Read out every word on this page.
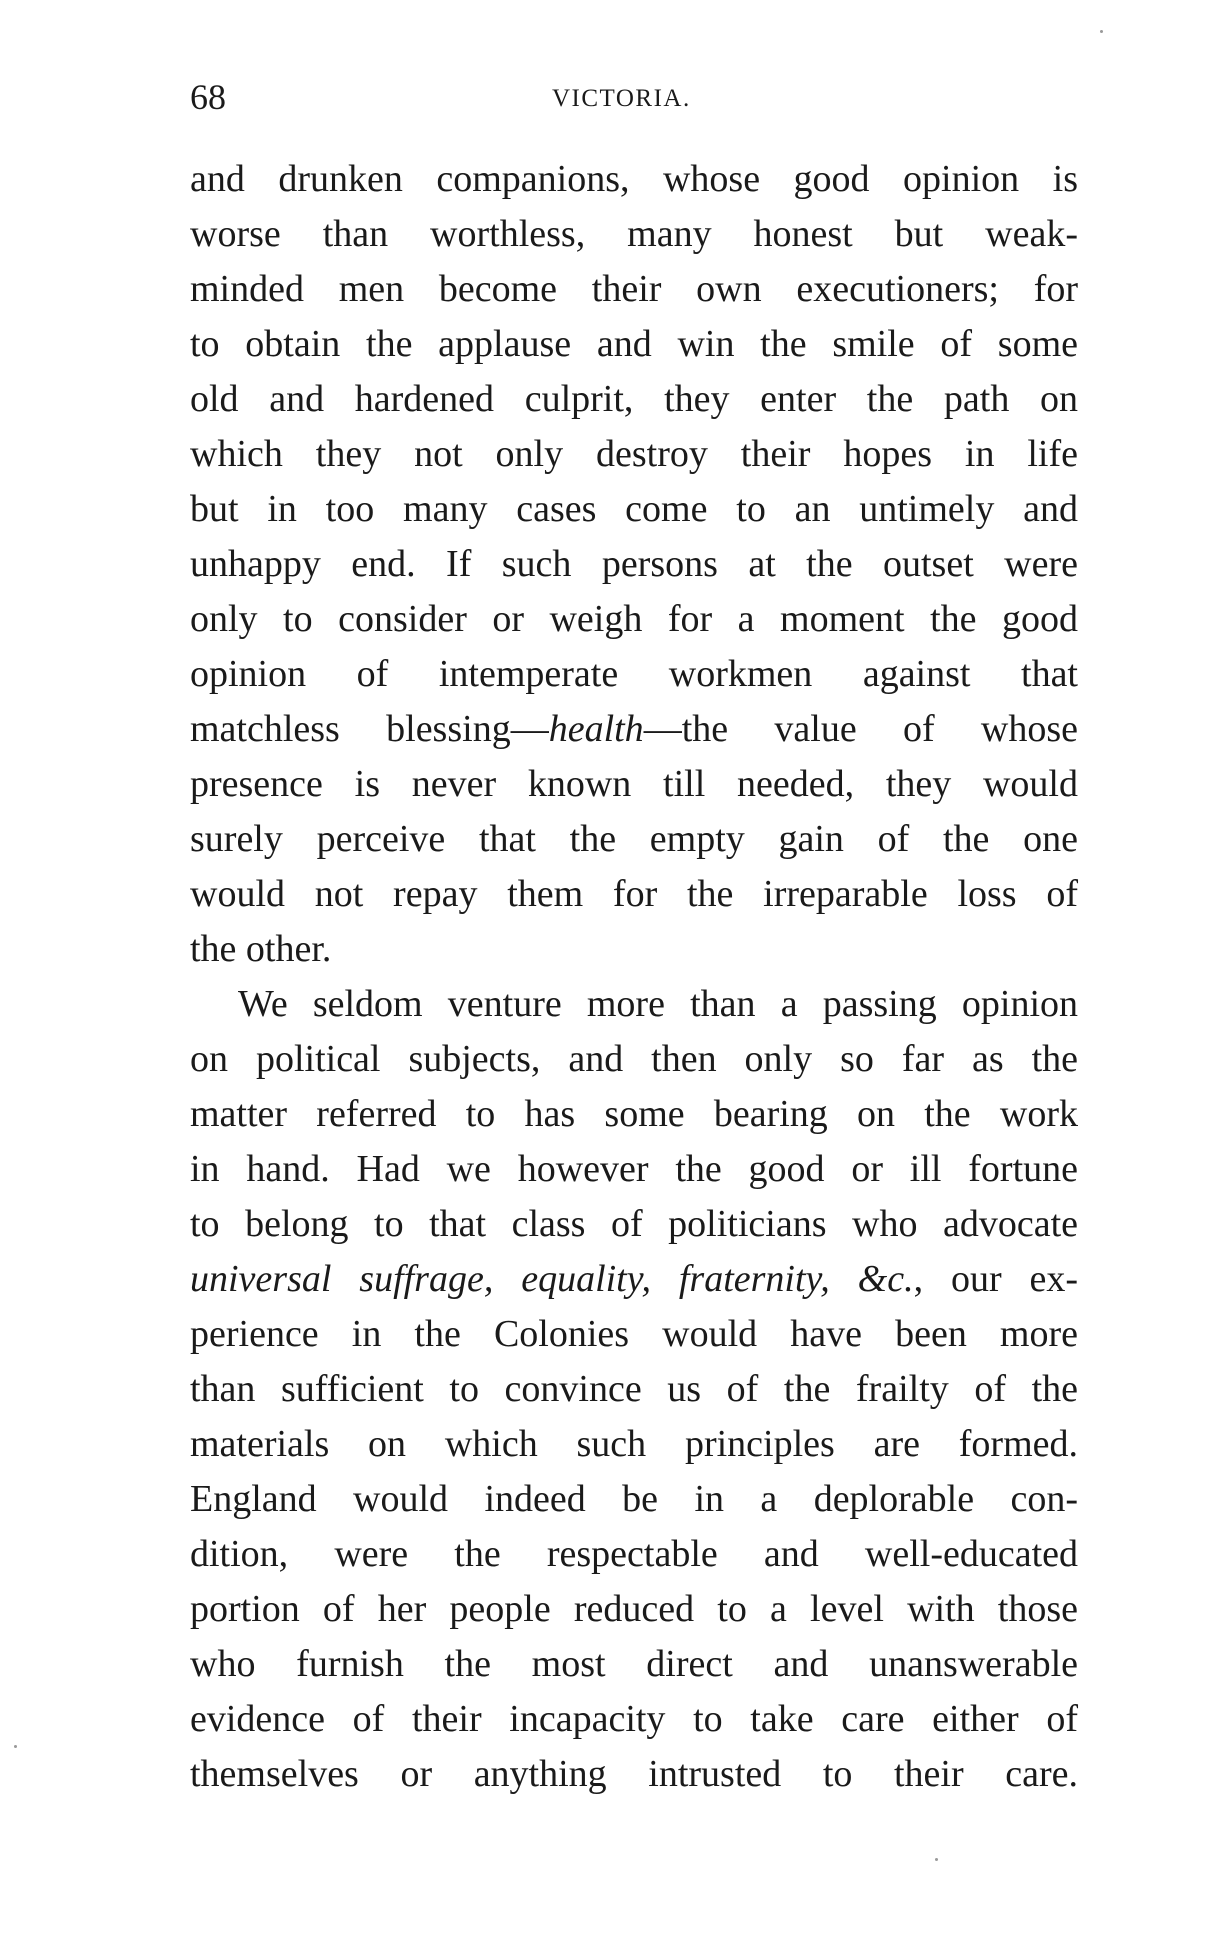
68	VICTORIA.
and drunken companions, whose good opinion is
worse than worthless, many honest but weak-
minded men become their own executioners; for
to obtain the applause and win the smile of some
old and hardened culprit, they enter the path on
which they not only destroy their hopes in life
but in too many cases come to an untimely and
unhappy end. If such persons at the outset were
only to consider or weigh for a moment the good
opinion of intemperate workmen against that
matchless blessing—health—the value of whose
presence is never known till needed, they would
surely perceive that the empty gain of the one
would not repay them for the irreparable loss of
the other.
We seldom venture more than a passing opinion
on political subjects, and then only so far as the
matter referred to has some bearing on the work
in hand. Had we however the good or ill fortune
to belong to that class of politicians who advocate
universal suffrage, equality, fraternity, &c., our ex-
perience in the Colonies would have been more
than sufficient to convince us of the frailty of the
materials on which such principles are formed.
England would indeed be in a deplorable con-
dition, were the respectable and well-educated
portion of her people reduced to a level with those
who furnish the most direct and unanswerable
evidence of their incapacity to take care either of
themselves or anything intrusted to their care.
